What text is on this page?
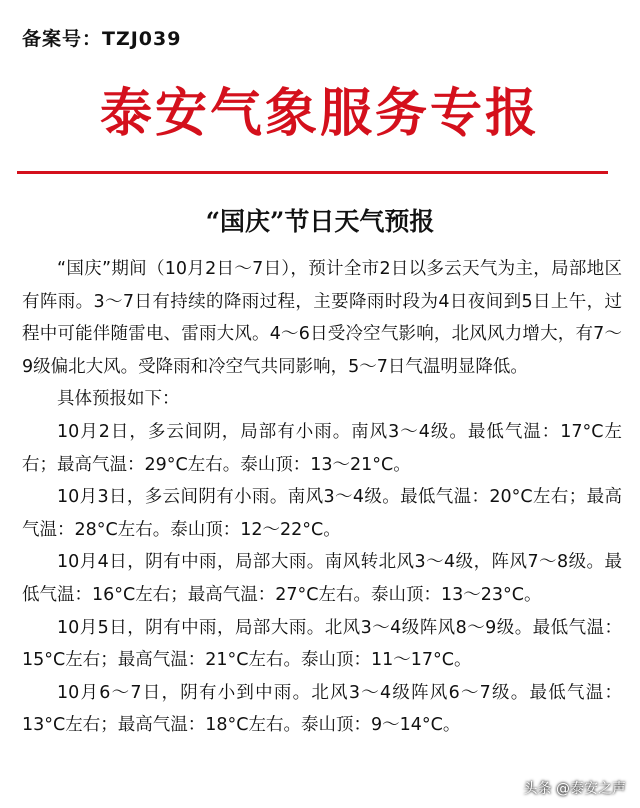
备案号：TZJ039
泰安气象服务专报
“国庆”节日天气预报

“国庆”期间（10月2日～7日），预计全市2日以多云天气为主，局部地区有阵雨。3～7日有持续的降雨过程，主要降雨时段为4日夜间到5日上午，过程中可能伴随雷电、雷雨大风。4～6日受冷空气影响，北风风力增大，有7～9级偏北大风。受降雨和冷空气共同影响，5～7日气温明显降低。

具体预报如下：

10月2日，多云间阴，局部有小雨。南风3～4级。最低气温：17°C左右；最高气温：29°C左右。泰山顶：13～21°C。

10月3日，多云间阴有小雨。南风3～4级。最低气温：20°C左右；最高气温：28°C左右。泰山顶：12～22°C。

10月4日，阴有中雨，局部大雨。南风转北风3～4级，阵风7～8级。最低气温：16°C左右；最高气温：27°C左右。泰山顶：13～23°C。

10月5日，阴有中雨，局部大雨。北风3～4级阵风8～9级。最低气温：15°C左右；最高气温：21°C左右。泰山顶：11～17°C。

10月6～7日，阴有小到中雨。北风3～4级阵风6～7级。最低气温：13°C左右；最高气温：18°C左右。泰山顶：9～14°C。

头条 @泰安之声
